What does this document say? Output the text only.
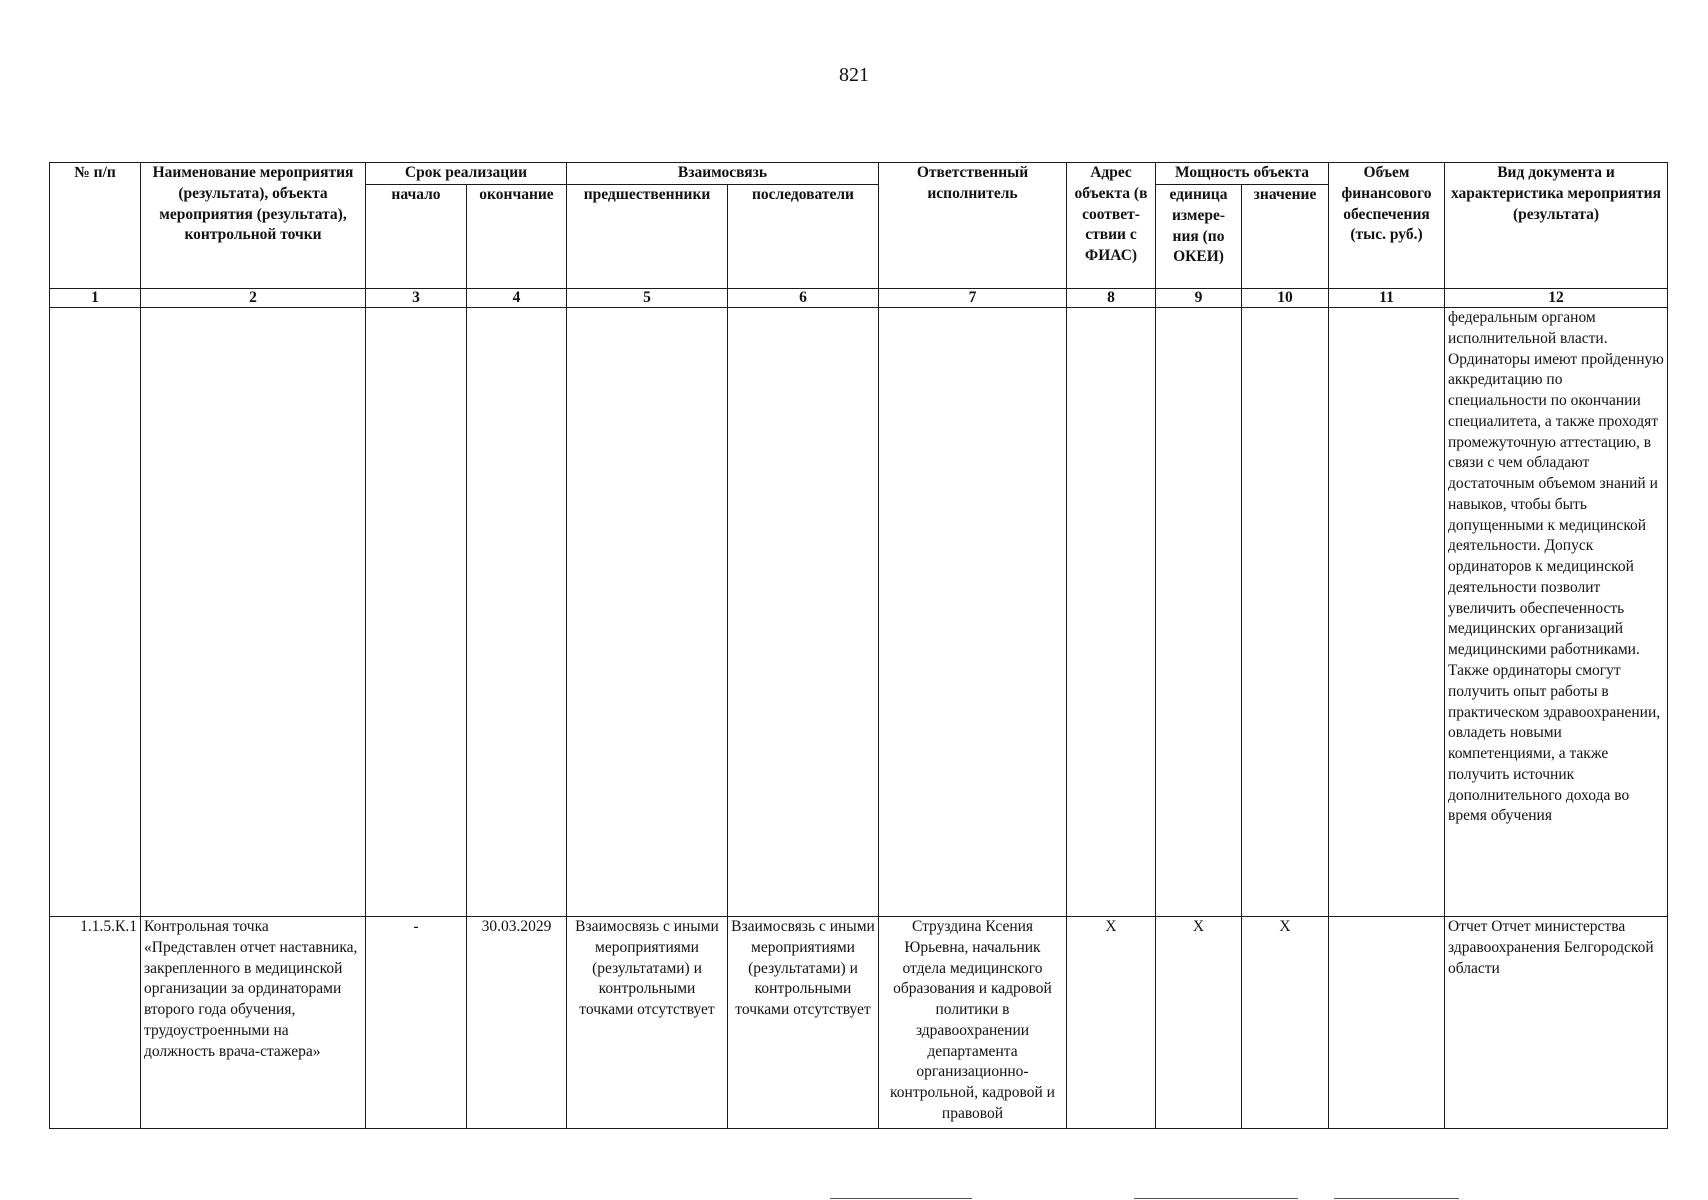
821
№ п/п	Наименование мероприятия (результата), объекта мероприятия (результата), контрольной точки	Срок реализации		Взаимосвязь		Ответственный исполнитель	Адрес объекта (в соответ-ствии с ФИАС)	Мощность объекта		Объем финансового обеспечения (тыс. руб.)	Вид документа и характеристика мероприятия (результата)
		начало	окончание	предшественники	последователи			единица измере-ния (по ОКЕИ)	значение		
1	2	3	4	5	6	7	8	9	10	11	12
											федеральным органом исполнительной власти. Ординаторы имеют пройденную аккредитацию по специальности по окончании специалитета, а также проходят промежуточную аттестацию, в связи с чем обладают достаточным объемом знаний и навыков, чтобы быть допущенными к медицинской деятельности. Допуск ординаторов к медицинской деятельности позволит увеличить обеспеченность медицинских организаций медицинскими работниками. Также ординаторы смогут получить опыт работы в практическом здравоохранении, овладеть новыми компетенциями, а также получить источник дополнительного дохода во время обучения
1.1.5.К.1	Контрольная точка «Представлен отчет наставника, закрепленного в медицинской организации за ординаторами второго года обучения, трудоустроенными на должность врача-стажера»	-	30.03.2029	Взаимосвязь с иными мероприятиями (результатами) и контрольными точками отсутствует	Взаимосвязь с иными мероприятиями (результатами) и контрольными точками отсутствует	Струздина Ксения Юрьевна, начальник отдела медицинского образования и кадровой политики в здравоохранении департамента организационно-контрольной, кадровой и правовой	X	X	X		Отчет Отчет министерства здравоохранения Белгородской области
